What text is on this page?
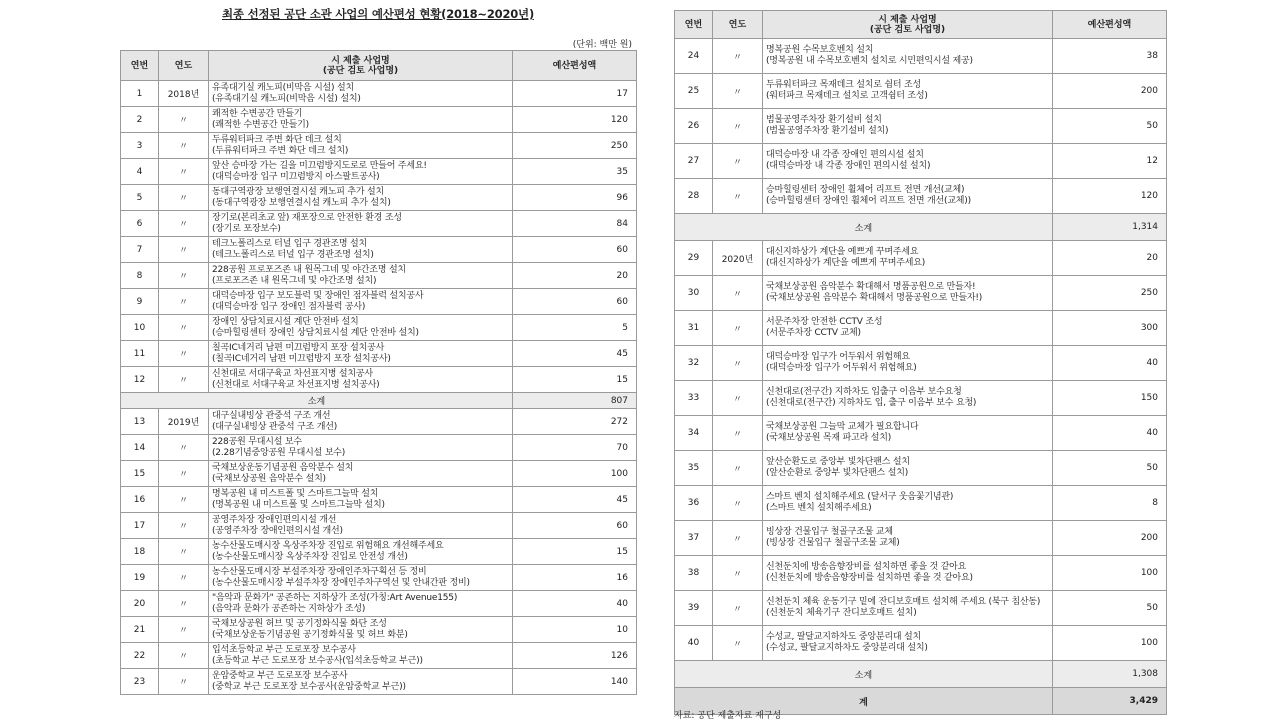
최종 선정된 공단 소관 사업의 예산편성 현황(2018~2020년)
(단위: 백만 원)
연번	연도	시 제출 사업명
(공단 검토 사업명)	예산편성액
1	2018년	유족대기실 캐노피(비막음 시설) 설치
(유족대기실 캐노피(비막음 시설) 설치)	17
2	〃	쾌적한 수변공간 만들기
(쾌적한 수변공간 만들기)	120
3	〃	두류워터파크 주변 화단 데크 설치
(두류워터파크 주변 화단 데크 설치)	250
4	〃	앞산 승마장 가는 길을 미끄럼방지도로로 만들어 주세요!
(대덕승마장 입구 미끄럼방지 아스팔트공사)	35
5	〃	동대구역광장 보행연결시설 캐노피 추가 설치
(동대구역광장 보행연결시설 캐노피 추가 설치)	96
6	〃	장기로(본리초교 앞) 재포장으로 안전한 환경 조성
(장기로 포장보수)	84
7	〃	테크노폴리스로 터널 입구 경관조명 설치
(테크노폴리스로 터널 입구 경관조명 설치)	60
8	〃	228공원 프로포즈존 내 원목그네 및 야간조명 설치
(프로포즈존 내 원목그네 및 야간조명 설치)	20
9	〃	대덕승마장 입구 보도블럭 및 장애인 점자블럭 설치공사
(대덕승마장 입구 장애인 점자블럭 공사)	60
10	〃	장애인 상담치료시설 계단 안전바 설치
(승마힐링센터 장애인 상담치료시설 계단 안전바 설치)	5
11	〃	칠곡IC네거리 남편 미끄럼방지 포장 설치공사
(칠곡IC네거리 남편 미끄럼방지 포장 설치공사)	45
12	〃	신천대로 서대구육교 차선표지병 설치공사
(신천대로 서대구육교 차선표지병 설치공사)	15
소계			807
13	2019년	대구실내빙상 관중석 구조 개선
(대구실내빙상 관중석 구조 개선)	272
14	〃	228공원 무대시설 보수
(2.28기념중앙공원 무대시설 보수)	70
15	〃	국채보상운동기념공원 음악분수 설치
(국채보상공원 음악분수 설치)	100
16	〃	명복공원 내 미스트폴 및 스마트그늘막 설치
(명복공원 내 미스트폴 및 스마트그늘막 설치)	45
17	〃	공영주차장 장애인편의시설 개선
(공영주차장 장애인편의시설 개선)	60
18	〃	농수산물도매시장 옥상주차장 진입로 위험해요 개선해주세요
(농수산물도매시장 옥상주차장 진입로 안전성 개선)	15
19	〃	농수산물도매시장 부설주차장 장애인주차구획선 등 정비
(농수산물도매시장 부설주차장 장애인주차구역선 및 안내간판 정비)	16
20	〃	"음악과 문화가" 공존하는 지하상가 조성(가칭:Art Avenue155)
(음악과 문화가 공존하는 지하상가 조성)	40
21	〃	국채보상공원 허브 및 공기정화식물 화단 조성
(국채보상운동기념공원 공기정화식물 및 허브 화분)	10
22	〃	입석초등학교 부근 도로포장 보수공사
(초등학교 부근 도로포장 보수공사(입석초등학교 부근))	126
23	〃	운암중학교 부근 도로포장 보수공사
(중학교 부근 도로포장 보수공사(운암중학교 부근))	140
연번	연도	시 제출 사업명
(공단 검토 사업명)	예산편성액
24	〃	명복공원 수목보호벤치 설치
(명복공원 내 수목보호벤치 설치로 시민편익시설 제공)	38
25	〃	두류워터파크 목재데크 설치로 쉼터 조성
(워터파크 목재데크 설치로 고객쉼터 조성)	200
26	〃	범물공영주차장 환기설비 설치
(범물공영주차장 환기설비 설치)	50
27	〃	대덕승마장 내 각종 장애인 편의시설 설치
(대덕승마장 내 각종 장애인 편의시설 설치)	12
28	〃	승마힐링센터 장애인 휠체어 리프트 전면 개선(교체)
(승마힐링센터 장애인 휠체어 리프트 전면 개선(교체))	120
소계			1,314
29	2020년	대신지하상가 계단을 예쁘게 꾸며주세요
(대신지하상가 계단을 예쁘게 꾸며주세요)	20
30	〃	국채보상공원 음악분수 확대해서 명품공원으로 만들자!
(국채보상공원 음악분수 확대해서 명품공원으로 만들자!)	250
31	〃	서문주차장 안전한 CCTV 조성
(서문주차장 CCTV 교체)	300
32	〃	대덕승마장 입구가 어두워서 위험해요
(대덕승마장 입구가 어두워서 위험해요)	40
33	〃	신천대로(전구간) 지하차도 입출구 이음부 보수요청
(신천대로(전구간) 지하차도 입, 출구 이음부 보수 요청)	150
34	〃	국채보상공원 그늘막 교체가 필요합니다
(국채보상공원 목재 파고라 설치)	40
35	〃	앞산순환도로 중앙부 빛차단팬스 설치
(앞산순환로 중앙부 빛차단팬스 설치)	50
36	〃	스마트 벤치 설치해주세요 (달서구 웃음꽃기념관)
(스마트 벤치 설치해주세요)	8
37	〃	빙상장 건물입구 철골구조물 교체
(빙상장 건물입구 철골구조물 교체)	200
38	〃	신천둔치에 방송음향장비를 설치하면 좋을 것 같아요
(신천둔치에 방송음향장비를 설치하면 좋을 것 같아요)	100
39	〃	신천둔치 체육 운동기구 밑에 잔디보호매트 설치해 주세요 (북구 침산동)
(신천둔치 체육기구 잔디보호매트 설치)	50
40	〃	수성교, 팔달교지하차도 중앙분리대 설치
(수성교, 팔달교지하차도 중앙분리대 설치)	100
소계			1,308
계			3,429
자료: 공단 제출자료 재구성
